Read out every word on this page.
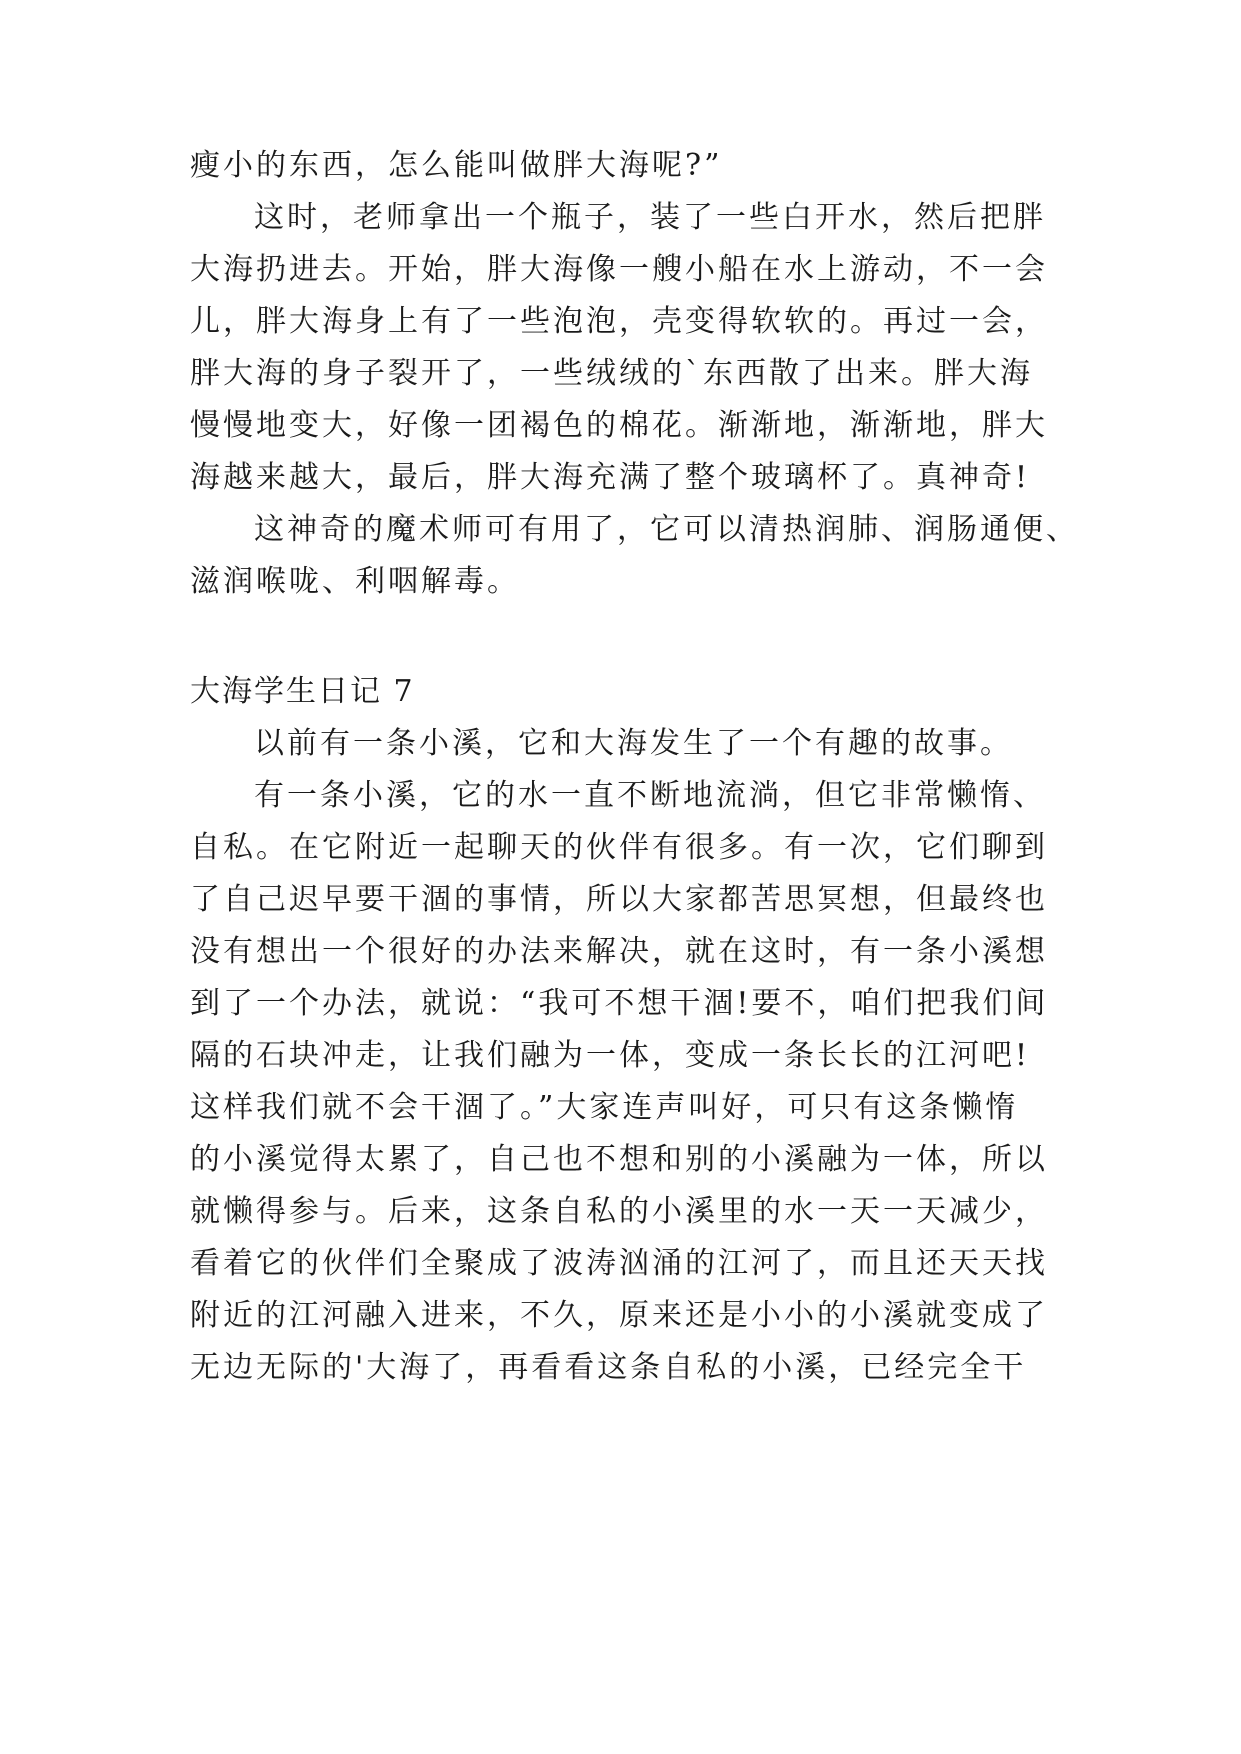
瘦小的东西，怎么能叫做胖大海呢?”

这时，老师拿出一个瓶子，装了一些白开水，然后把胖

大海扔进去。开始，胖大海像一艘小船在水上游动，不一会

儿，胖大海身上有了一些泡泡，壳变得软软的。再过一会，

胖大海的身子裂开了，一些绒绒的`东西散了出来。胖大海

慢慢地变大，好像一团褐色的棉花。渐渐地，渐渐地，胖大

海越来越大，最后，胖大海充满了整个玻璃杯了。真神奇!

这神奇的魔术师可有用了，它可以清热润肺、润肠通便、

滋润喉咙、利咽解毒。

大海学生日记 7

以前有一条小溪，它和大海发生了一个有趣的故事。

有一条小溪，它的水一直不断地流淌，但它非常懒惰、

自私。在它附近一起聊天的伙伴有很多。有一次，它们聊到

了自己迟早要干涸的事情，所以大家都苦思冥想，但最终也

没有想出一个很好的办法来解决，就在这时，有一条小溪想

到了一个办法，就说：“我可不想干涸!要不，咱们把我们间

隔的石块冲走，让我们融为一体，变成一条长长的江河吧!

这样我们就不会干涸了。”大家连声叫好，可只有这条懒惰

的小溪觉得太累了，自己也不想和别的小溪融为一体，所以

就懒得参与。后来，这条自私的小溪里的水一天一天减少，

看着它的伙伴们全聚成了波涛汹涌的江河了，而且还天天找

附近的江河融入进来，不久，原来还是小小的小溪就变成了

无边无际的'大海了，再看看这条自私的小溪，已经完全干
